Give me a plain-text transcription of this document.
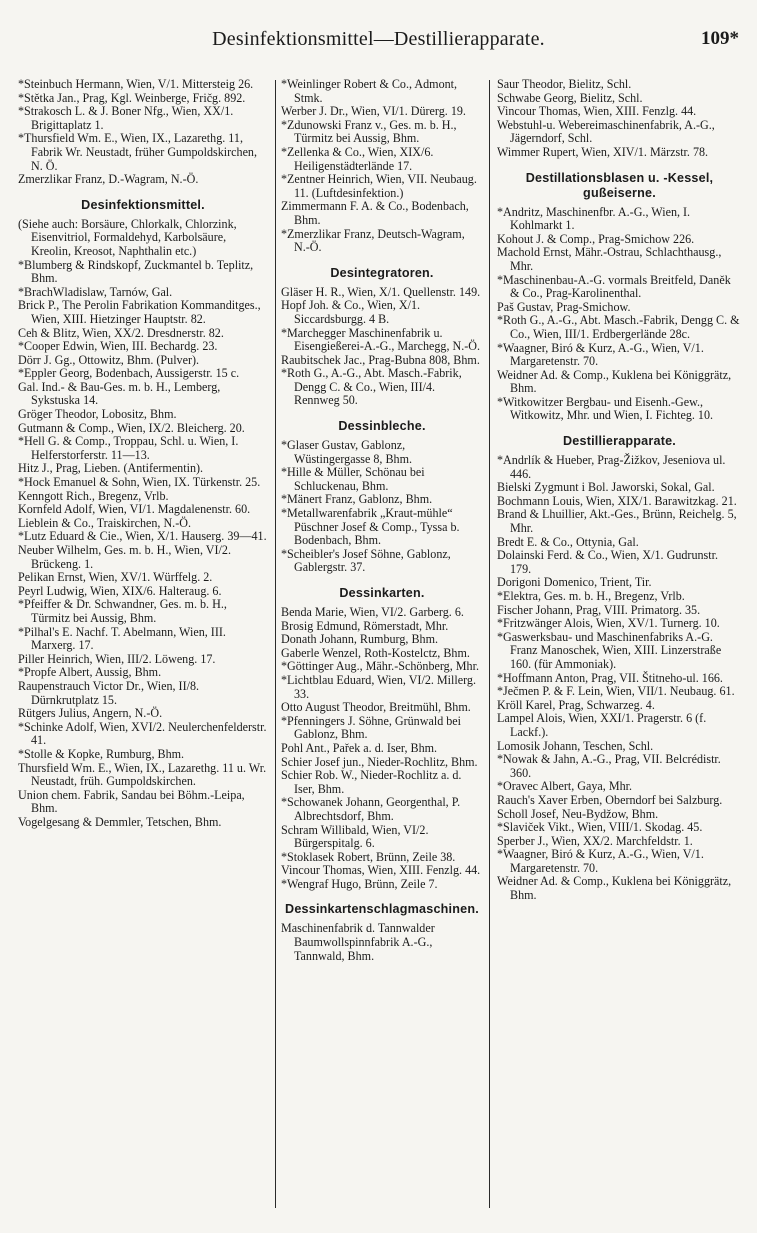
Desinfektionsmittel—Destillierapparate.	109*

*Steinbuch Hermann, Wien, V/1. Mittersteig 26.

*Stětka Jan., Prag, Kgl. Weinberge, Fričg. 892.

*Strakosch L. & J. Boner Nfg., Wien, XX/1. Brigittaplatz 1.

*Thursfield Wm. E., Wien, IX., Lazarethg. 11, Fabrik Wr. Neustadt, früher Gumpoldskirchen, N. Ö.

Zmerzlikar Franz, D.-Wagram, N.-Ö.

Desinfektionsmittel.

(Siehe auch: Borsäure, Chlorkalk, Chlorzink, Eisenvitriol, Formaldehyd, Karbolsäure, Kreolin, Kreosot, Naphthalin etc.)

*Blumberg & Rindskopf, Zuckmantel b. Teplitz, Bhm.

*BrachWladislaw, Tarnów, Gal.

Brick P., The Perolin Fabrikation Kommanditges., Wien, XIII. Hietzinger Hauptstr. 82.

Ceh & Blitz, Wien, XX/2. Dresdnerstr. 82.

*Cooper Edwin, Wien, III. Bechardg. 23.

Dörr J. Gg., Ottowitz, Bhm. (Pulver).

*Eppler Georg, Bodenbach, Aussigerstr. 15 c.

Gal. Ind.- & Bau-Ges. m. b. H., Lemberg, Sykstuska 14.

Gröger Theodor, Lobositz, Bhm.

Gutmann & Comp., Wien, IX/2. Bleicherg. 20.

*Hell G. & Comp., Troppau, Schl. u. Wien, I. Helferstorferstr. 11—13.

Hitz J., Prag, Lieben. (Antifermentin).

*Hock Emanuel & Sohn, Wien, IX. Türkenstr. 25.

Kenngott Rich., Bregenz, Vrlb.

Kornfeld Adolf, Wien, VI/1. Magdalenenstr. 60.

Lieblein & Co., Traiskirchen, N.-Ö.

*Lutz Eduard & Cie., Wien, X/1. Hauserg. 39—41.

Neuber Wilhelm, Ges. m. b. H., Wien, VI/2. Brückeng. 1.

Pelikan Ernst, Wien, XV/1. Würffelg. 2.

Peyrl Ludwig, Wien, XIX/6. Halteraug. 6.

*Pfeiffer & Dr. Schwandner, Ges. m. b. H., Türmitz bei Aussig, Bhm.

*Pilhal's E. Nachf. T. Abelmann, Wien, III. Marxerg. 17.

Piller Heinrich, Wien, III/2. Löweng. 17.

*Propfe Albert, Aussig, Bhm.

Raupenstrauch Victor Dr., Wien, II/8. Dürnkrutplatz 15.

Rütgers Julius, Angern, N.-Ö.

*Schinke Adolf, Wien, XVI/2. Neulerchenfelderstr. 41.

*Stolle & Kopke, Rumburg, Bhm.

Thursfield Wm. E., Wien, IX., Lazarethg. 11 u. Wr. Neustadt, früh. Gumpoldskirchen.

Union chem. Fabrik, Sandau bei Böhm.-Leipa, Bhm.

Vogelgesang & Demmler, Tetschen, Bhm.

*Weinlinger Robert & Co., Admont, Stmk.

Werber J. Dr., Wien, VI/1. Dürerg. 19.

*Zdunowski Franz v., Ges. m. b. H., Türmitz bei Aussig, Bhm.

*Zellenka & Co., Wien, XIX/6. Heiligenstädterlände 17.

*Zentner Heinrich, Wien, VII. Neubaug. 11. (Luftdesinfektion.)

Zimmermann F. A. & Co., Bodenbach, Bhm.

*Zmerzlikar Franz, Deutsch-Wagram, N.-Ö.

Desintegratoren.

Gläser H. R., Wien, X/1. Quellenstr. 149.

Hopf Joh. & Co., Wien, X/1. Siccardsburgg. 4 B.

*Marchegger Maschinenfabrik u. Eisengießerei-A.-G., Marchegg, N.-Ö.

Raubitschek Jac., Prag-Bubna 808, Bhm.

*Roth G., A.-G., Abt. Masch.-Fabrik, Dengg C. & Co., Wien, III/4. Rennweg 50.

Dessinbleche.

*Glaser Gustav, Gablonz, Wüstingergasse 8, Bhm.

*Hille & Müller, Schönau bei Schluckenau, Bhm.

*Mänert Franz, Gablonz, Bhm.

*Metallwarenfabrik „Kraut-mühle“ Püschner Josef & Comp., Tyssa b. Bodenbach, Bhm.

*Scheibler's Josef Söhne, Gablonz, Gablergstr. 37.

Dessinkarten.

Benda Marie, Wien, VI/2. Garberg. 6.

Brosig Edmund, Römerstadt, Mhr.

Donath Johann, Rumburg, Bhm.

Gaberle Wenzel, Roth-Kostelctz, Bhm.

*Göttinger Aug., Mähr.-Schönberg, Mhr.

*Lichtblau Eduard, Wien, VI/2. Millerg. 33.

Otto August Theodor, Breitmühl, Bhm.

*Pfenningers J. Söhne, Grünwald bei Gablonz, Bhm.

Pohl Ant., Pařek a. d. Iser, Bhm.

Schier Josef jun., Nieder-Rochlitz, Bhm.

Schier Rob. W., Nieder-Rochlitz a. d. Iser, Bhm.

*Schowanek Johann, Georgenthal, P. Albrechtsdorf, Bhm.

Schram Willibald, Wien, VI/2. Bürgerspitalg. 6.

*Stoklasek Robert, Brünn, Zeile 38.

Vincour Thomas, Wien, XIII. Fenzlg. 44.

*Wengraf Hugo, Brünn, Zeile 7.

Dessinkartenschlagmaschinen.

Maschinenfabrik d. Tannwalder Baumwollspinnfabrik A.-G., Tannwald, Bhm.

Saur Theodor, Bielitz, Schl.

Schwabe Georg, Bielitz, Schl.

Vincour Thomas, Wien, XIII. Fenzlg. 44.

Webstuhl-u. Webereimaschinenfabrik, A.-G., Jägerndorf, Schl.

Wimmer Rupert, Wien, XIV/1. Märzstr. 78.

Destillationsblasen u. -Kessel, gußeiserne.

*Andritz, Maschinenfbr. A.-G., Wien, I. Kohlmarkt 1.

Kohout J. & Comp., Prag-Smichow 226.

Machold Ernst, Mähr.-Ostrau, Schlachthausg., Mhr.

*Maschinenbau-A.-G. vormals Breitfeld, Daněk & Co., Prag-Karolinenthal.

Paš Gustav, Prag-Smichow.

*Roth G., A.-G., Abt. Masch.-Fabrik, Dengg C. & Co., Wien, III/1. Erdbergerlände 28c.

*Waagner, Biró & Kurz, A.-G., Wien, V/1. Margaretenstr. 70.

Weidner Ad. & Comp., Kuklena bei Königgrätz, Bhm.

*Witkowitzer Bergbau- und Eisenh.-Gew., Witkowitz, Mhr. und Wien, I. Fichteg. 10.

Destillierapparate.

*Andrlík & Hueber, Prag-Žižkov, Jeseniova ul. 446.

Bielski Zygmunt i Bol. Jaworski, Sokal, Gal.

Bochmann Louis, Wien, XIX/1. Barawitzkag. 21.

Brand & Lhuillier, Akt.-Ges., Brünn, Reichelg. 5, Mhr.

Bredt E. & Co., Ottynia, Gal.

Dolainski Ferd. & Co., Wien, X/1. Gudrunstr. 179.

Dorigoni Domenico, Trient, Tir.

*Elektra, Ges. m. b. H., Bregenz, Vrlb.

Fischer Johann, Prag, VIII. Primatorg. 35.

*Fritzwänger Alois, Wien, XV/1. Turnerg. 10.

*Gaswerksbau- und Maschinenfabriks A.-G. Franz Manoschek, Wien, XIII. Linzerstraße 160. (für Ammoniak).

*Hoffmann Anton, Prag, VII. Štitneho-ul. 166.

*Ječmen P. & F. Lein, Wien, VII/1. Neubaug. 61.

Kröll Karel, Prag, Schwarzeg. 4.

Lampel Alois, Wien, XXI/1. Pragerstr. 6 (f. Lackf.).

Lomosik Johann, Teschen, Schl.

*Nowak & Jahn, A.-G., Prag, VII. Belcrédistr. 360.

*Oravec Albert, Gaya, Mhr.

Rauch's Xaver Erben, Oberndorf bei Salzburg.

Scholl Josef, Neu-Bydžow, Bhm.

*Slaviček Vikt., Wien, VIII/1. Skodag. 45.

Sperber J., Wien, XX/2. Marchfeldstr. 1.

*Waagner, Biró & Kurz, A.-G., Wien, V/1. Margaretenstr. 70.

Weidner Ad. & Comp., Kuklena bei Königgrätz, Bhm.
